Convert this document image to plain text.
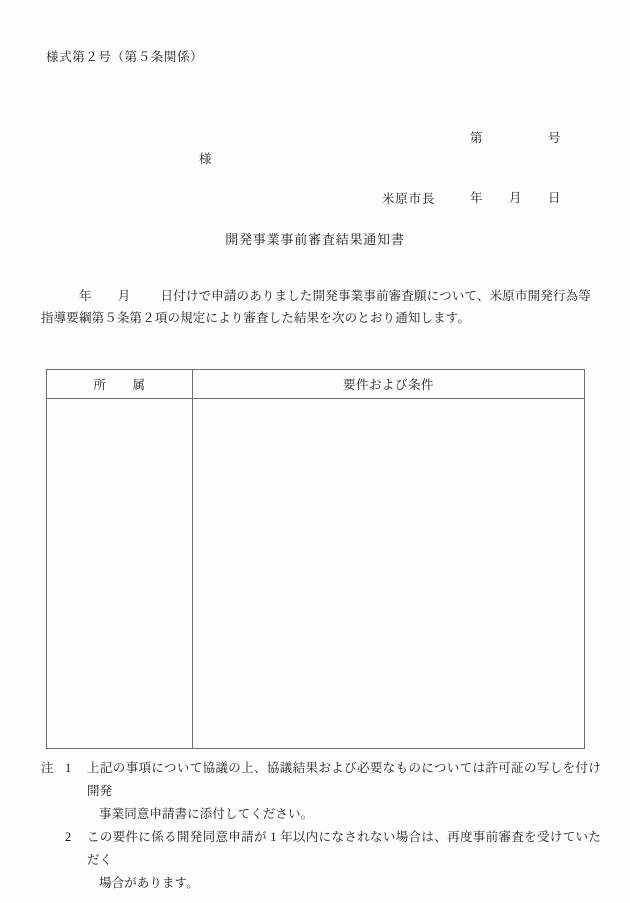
様式第２号（第５条関係）

第　　　　　号

年　　月　　日

様
米原市長
開発事業事前審査結果通知書
年 月 日付けで申請のありました開発事業事前審査願について、米原市開発行為等指導要綱第５条第２項の規定により審査した結果を次のとおり通知します。
所　　属	要件および条件

注 1	上記の事項について協議の上、協議結果および必要なものについては許可証の写しを付け開発
事業同意申請書に添付してください。
2	この要件に係る開発同意申請が 1 年以内になされない場合は、再度事前審査を受けていただく
場合があります。
